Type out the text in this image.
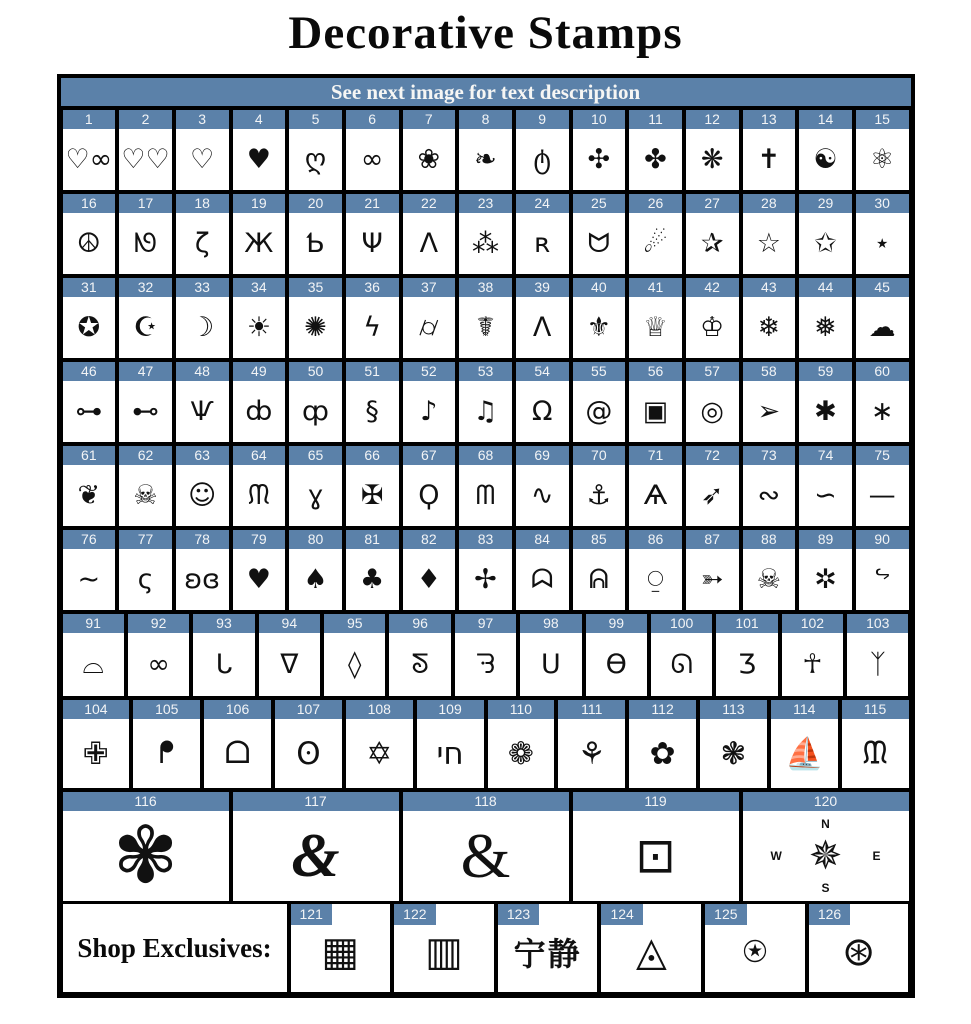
Decorative Stamps
See next image for text description
1
♡∞
2
♡♡
3
♡
4
♥
5
ღ
6
∞
7
❀
8
❧
9
ტ
10
✣
11
✤
12
❋
13
✝
14
☯
15
⚛
16
☮
17
ᘚ
18
ζ
19
Ж
20
Ƅ
21
Ψ
22
Ʌ
23
⁂
24
ʀ
25
ᗢ
26
☄
27
✰
28
☆
29
✩
30
⋆
31
✪
32
☪
33
☽
34
☀
35
✺
36
ϟ
37
⌭
38
☤
39
Λ
40
⚜
41
♕
42
♔
43
❄
44
❅
45
☁
46
⊶
47
⊷
48
Ѱ
49
ȸ
50
ȹ
51
§
52
♪
53
♫
54
Ω
55
@
56
▣
57
◎
58
➢
59
✱
60
∗
61
❦
62
☠
63
☺
64
ᙏ
65
ɣ
66
✠
67
Ϙ
68
ᗰ
69
∿
70
⚓
71
Ѧ
72
➶
73
∾
74
∽
75
—
76
∼
77
ς
78
ʚɞ
79
♥
80
♠
81
♣
82
♦
83
✢
84
ᗣ
85
ᕱ
86
⍜
87
➳
88
☠
89
✲
90
ᖦ
91
⌓
92
∞
93
ᒐ
94
ᐁ
95
◊
96
ᘕ
97
ᘌ
98
ᑌ
99
Ѳ
100
ᘏ
101
Ʒ
102
☥
103
ᛉ
104
✙
105
ᖰ
106
ᗝ
107
ʘ
108
✡
109
חי
110
❁
111
⚘
112
✿
113
❃
114
⛵
115
ᙢ
116
✾
117
&
118
&
119
⊡
120
✵
N
E
S
W
Shop Exclusives:
121
▦
122
▥
123
宁静
124
◬
125
⍟
126
⊛
